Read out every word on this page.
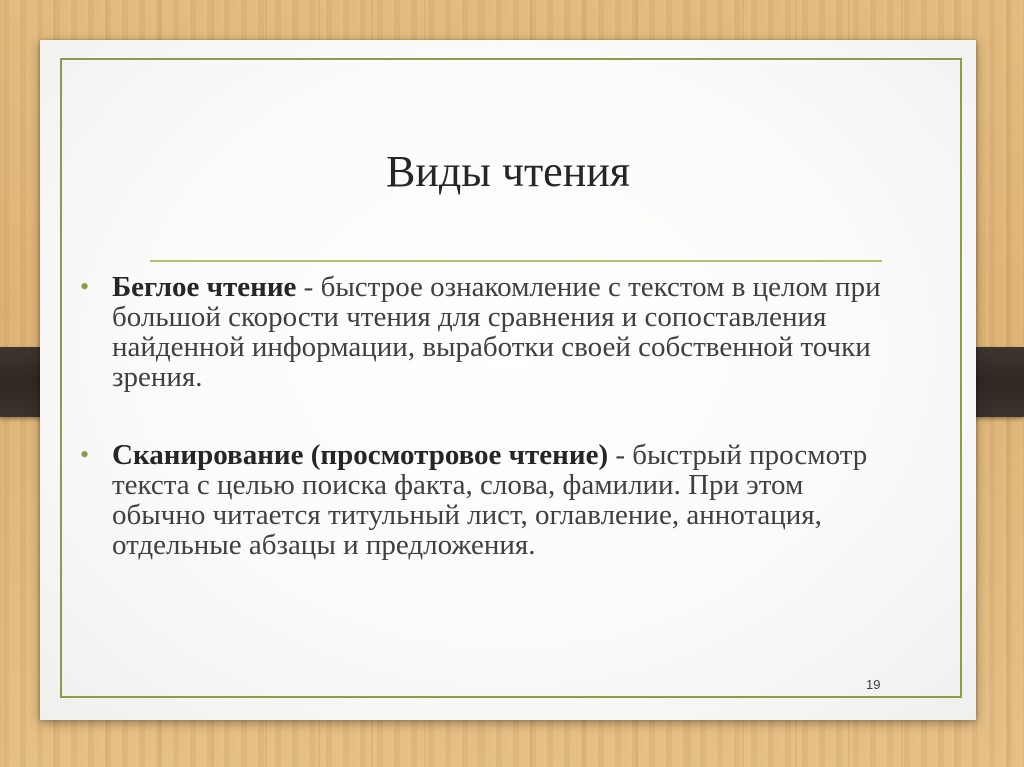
Виды чтения
• Беглое чтение - быстрое ознакомление с текстом в целом при большой скорости чтения для сравнения и сопоставления найденной информации, выработки своей собственной точки зрения.
• Сканирование (просмотровое чтение) - быстрый просмотр текста с целью поиска факта, слова, фамилии. При этом обычно читается титульный лист, оглавление, аннотация, отдельные абзацы и предложения.
19
